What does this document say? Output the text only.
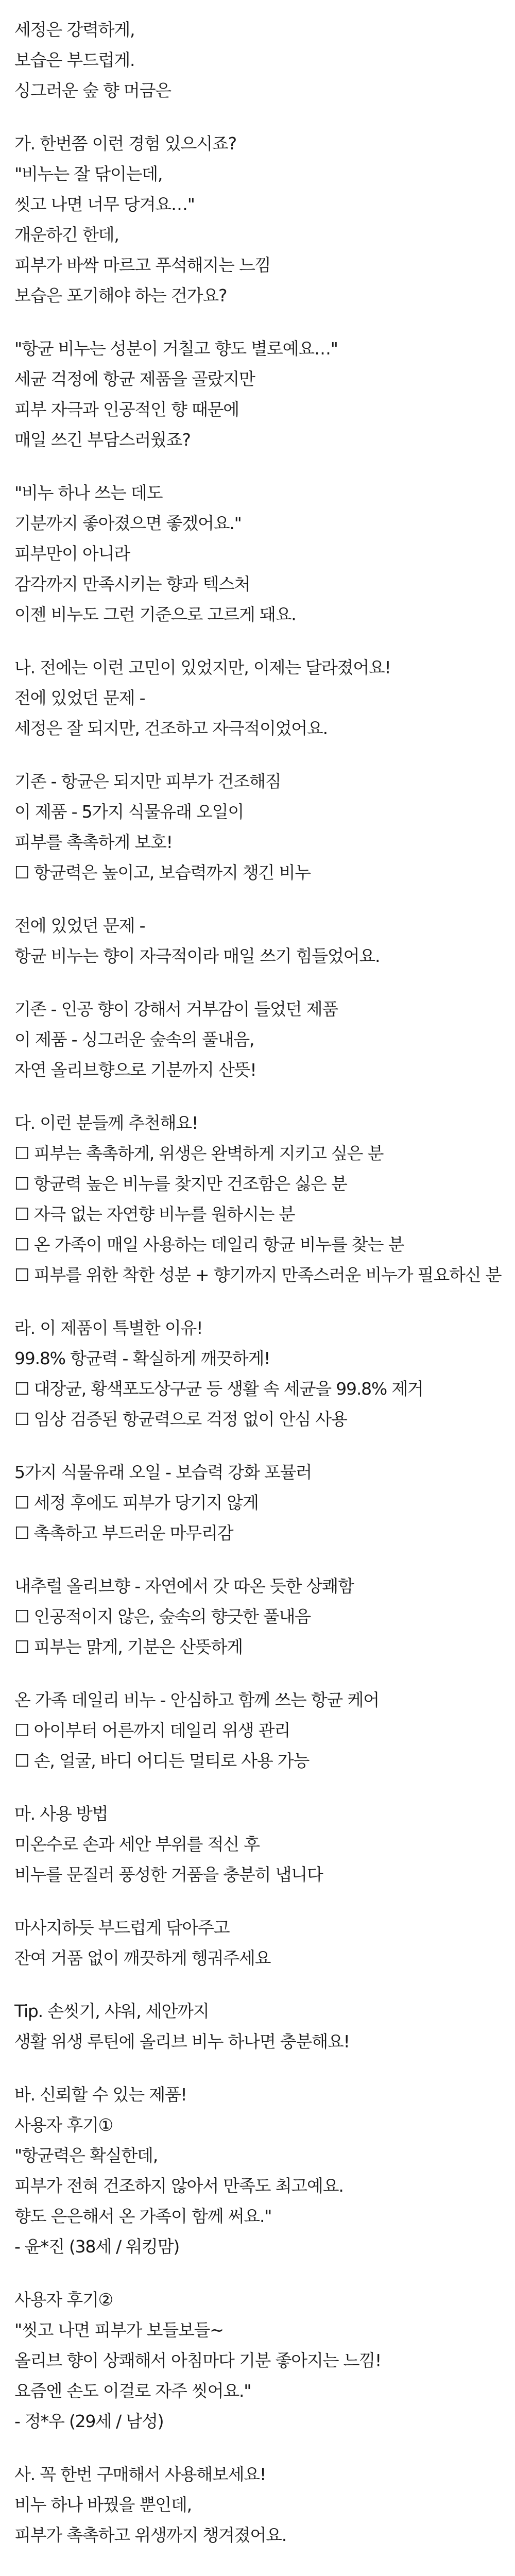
세정은 강력하게,
보습은 부드럽게.
싱그러운 숲 향 머금은
가. 한번쯤 이런 경험 있으시죠?
"비누는 잘 닦이는데,
씻고 나면 너무 당겨요…"
개운하긴 한데,
피부가 바싹 마르고 푸석해지는 느낌
보습은 포기해야 하는 건가요?
"항균 비누는 성분이 거칠고 향도 별로예요…"
세균 걱정에 항균 제품을 골랐지만
피부 자극과 인공적인 향 때문에
매일 쓰긴 부담스러웠죠?
"비누 하나 쓰는 데도
기분까지 좋아졌으면 좋겠어요."
피부만이 아니라
감각까지 만족시키는 향과 텍스처
이젠 비누도 그런 기준으로 고르게 돼요.
나. 전에는 이런 고민이 있었지만, 이제는 달라졌어요!
전에 있었던 문제 -
세정은 잘 되지만, 건조하고 자극적이었어요.
기존 - 항균은 되지만 피부가 건조해짐
이 제품 - 5가지 식물유래 오일이
피부를 촉촉하게 보호!
☐ 항균력은 높이고, 보습력까지 챙긴 비누
전에 있었던 문제 -
항균 비누는 향이 자극적이라 매일 쓰기 힘들었어요.
기존 - 인공 향이 강해서 거부감이 들었던 제품
이 제품 - 싱그러운 숲속의 풀내음,
자연 올리브향으로 기분까지 산뜻!
다. 이런 분들께 추천해요!
☐ 피부는 촉촉하게, 위생은 완벽하게 지키고 싶은 분
☐ 항균력 높은 비누를 찾지만 건조함은 싫은 분
☐ 자극 없는 자연향 비누를 원하시는 분
☐ 온 가족이 매일 사용하는 데일리 항균 비누를 찾는 분
☐ 피부를 위한 착한 성분 + 향기까지 만족스러운 비누가 필요하신 분
라. 이 제품이 특별한 이유!
99.8% 항균력 - 확실하게 깨끗하게!
☐ 대장균, 황색포도상구균 등 생활 속 세균을 99.8% 제거
☐ 임상 검증된 항균력으로 걱정 없이 안심 사용
5가지 식물유래 오일 - 보습력 강화 포뮬러
☐ 세정 후에도 피부가 당기지 않게
☐ 촉촉하고 부드러운 마무리감
내추럴 올리브향 - 자연에서 갓 따온 듯한 상쾌함
☐ 인공적이지 않은, 숲속의 향긋한 풀내음
☐ 피부는 맑게, 기분은 산뜻하게
온 가족 데일리 비누 - 안심하고 함께 쓰는 항균 케어
☐ 아이부터 어른까지 데일리 위생 관리
☐ 손, 얼굴, 바디 어디든 멀티로 사용 가능
마. 사용 방법
미온수로 손과 세안 부위를 적신 후
비누를 문질러 풍성한 거품을 충분히 냅니다
마사지하듯 부드럽게 닦아주고
잔여 거품 없이 깨끗하게 헹궈주세요
Tip. 손씻기, 샤워, 세안까지
생활 위생 루틴에 올리브 비누 하나면 충분해요!
바. 신뢰할 수 있는 제품!
사용자 후기①
"항균력은 확실한데,
피부가 전혀 건조하지 않아서 만족도 최고예요.
향도 은은해서 온 가족이 함께 써요."
- 윤*진 (38세 / 워킹맘)
사용자 후기②
"씻고 나면 피부가 보들보들~
올리브 향이 상쾌해서 아침마다 기분 좋아지는 느낌!
요즘엔 손도 이걸로 자주 씻어요."
- 정*우 (29세 / 남성)
사. 꼭 한번 구매해서 사용해보세요!
비누 하나 바꿨을 뿐인데,
피부가 촉촉하고 위생까지 챙겨졌어요.
